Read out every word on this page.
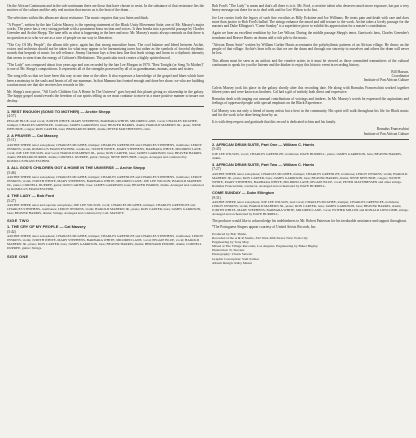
On the African Continuum and in the sub-continuum there are those that have chosen to resist. In the substance of that resistance lies the motives of the culture and the only real motion that moves us is the beat of the drum . . .

The selections within this album are about resistance. The music requires that you listen and think.

"A Prayer", written by the late Calvin Massey, is the opening statement of the Black Unity Movement Suite, one of Mr. Massey's major works. The piece has a very strong prelude with a prominent brass section and voices. It then breaks into a powerful passage by Charles Greenlee and Archie Shepp. The tune tells us what is happening in the here and now. Mr. Massey's music always reminds us that there is no question as to who we are as a race of people on our way to liberation.

"The Cry Of My People", the album title piece, again has that strong masculine brass. The cool balance and blend between Archie, voices and orchestra should not be taken for what may appear to be harmonizing tones but rather as the symbols of forceful rhythmic sounds that bespeak of music for self reliance. Jimmy Garrison lays a firm bass line that leads strings and horns to a rhythmic intensity that seems to stem from the energy of Coltrane's Meditations. This particular track creates a highly spirited mood.

"The Lady" was composed about four years ago and was recorded by the late Lee Morgan in 1970. "Rest Tonight (or Song To Mother)" is one of Mr. Shepp's compositions. It represents all of the strengths possessed by all of us grandmamas, mamas, aunts and sisters.

The song tells us that we have been this way at one time or the other. It also expresses a knowledge of the gospel and blues which have been a mainstay in the souls and hearts of all our mammas. In that Mamma has fronted enough and done her share, we who are building a nation must see that she receives her rewards in life.

Mr. Shepp's next piece, "All God's Children Got A Home In The Universe" goes beyond this planet giving us citizenship in the galaxy. The happy gospel sound reveals the freedom of our spirits telling us we must continue to move in a more positive manner to insure our destiny.

1. REST ENOUGH (SONG TO MOTHER) — Archie Shepp
(4:57)

PEGGIE BLUE, lead vocal; JUDITH WHITE, MARY STEPHENS, BARBARA WHITE, MILDRED LANE, vocal; CHARLES MCGHEE, trumpet; CHARLES GREENLEE, trombone; JAMES GARRISON, bass; BEAVER HARRIS, drums; HAROLD MABERN JR., piano; NENE DEFUNDE, congas; RON CARTER, bass; BERNARD PURDIE, drums; PETER MATTHIESSEN, cello.

2. A PRAYER — Cal Massey
(5:11)

ARCHIE SHEPP, tenor saxophone; CHARLES MCGHEE, trumpet; CHARLES GREENLEE and CHARLES STEPHENS, trombone; LEROY JENKINS, violin; ROMULUS FRANCESCHINI, conductor; JUDITH WHITE, MARY STEPHENS, BARBARA WHITE, MILDRED LANE, vocal; JOE LEE WILSON, lead vocal; HAROLD MABERN JR., piano; RON CARTER, bass; JAMES GARRISON, bass; BEAVER HARRIS, drums; BERNARD PURDIE, drums; CORNELL DUPREE, guitar; Strings; NENE DEFUNDE, congas. Arranged and conducted by ROMULUS FRANCESCHINI.

3. ALL GOD'S CHILDREN GOT A HOME IN THE UNIVERSE — Archie Shepp
(5:46)

ARCHIE SHEPP, tenor saxophone; CHARLES MCGHEE, trumpet; CHARLES GREENLEE and CHARLES STEPHENS, trombone; LEROY JENKINS, violin; JUDITH WHITE, MARY STEPHENS, BARBARA WHITE, MILDRED LANE; JOE LEE WILSON; HAROLD MABERN JR., piano; CORNELL DUPREE, guitar; RON CARTER, bass; JAMES GARRISON, bass; BEAVER HARRIS, drums. Arranged and conducted by ROMULUS FRANCESCHINI.

4. THE LADY — Bob Ford
(5:27)

ARCHIE SHEPP, tenor and soprano saxophone; JOE LEE WILSON, vocal; CHARLES MCGHEE, trumpet; CHARLES GREENLEE and CHARLES STEPHENS, trombones; LEROY JENKINS, violin; HAROLD MABERN JR., piano; RON CARTER, bass; JAMES GARRISON, bass; BEAVER HARRIS, drums; Strings. Arranged and conducted by CAL MASSEY.

SIDE TWO
1. THE CRY OF MY PEOPLE — Cal Massey
(5:42)

ARCHIE SHEPP, tenor saxophone; CHARLES MCGHEE, trumpet; CHARLES GREENLEE and CHARLES STEPHENS, trombones; LEROY JENKINS, violin; JUDITH WHITE, MARY STEPHENS, BARBARA WHITE, MILDRED LANE, vocal; PEGGIE BLUE, vocal; HAROLD MABERN JR., piano; RON CARTER, bass; JAMES GARRISON, bass; BEAVER HARRIS, drums; BERNARD PURDIE, drums; CORNELL DUPREE, guitar; Strings.

SIDE ONE

Bob Ford's "The Lady" is mean and that's all there is to it. Mr. Ford, a creative talent who deserves much more exposure, has put a very heavy message out there for us to deal with and for Lee Wilson to do last.

Joe Lee carries forth the legacy of such fine vocalists as Billy Eckstine and Joe Williams. He treats pain and death with care and does more than justice to Bob Ford's ballad. The strings enhance the mood and add texture to the work. Archie takes a lovely passage for the masters and Duke Ellington's "Come Sunday" is a superlative piece to exhibit his appreciation for a master's contribution.

Again we hear an excellent rendition by Joe Lee Wilson. During the middle passage Shepp's tenor, Garrison's bass, Charles Greenlee's trombone and Beaver Harris on drums add a rich pile to the music.

"African Drum Suite" written by William Corbin Harris accentuates the polyrhythmic patterns of an African village. He draws on the people of that village. Archie's horn tells us that we are the drum and through our sincerity to ourselves and others the drum will never be lost.

This album must be seen as an artifact and the creative artists in it must be viewed as those committed transmitters of the cultural continuum to speak for you the listener and the thinker to enjoy this historic event in recording history.

Bill Hasson,
Coordinator
Institute of Pan African Culture

Calvin Massey took his place in the galaxy shortly after this recording date. He along with Romulus Franceschini worked together fifteen years and were known as brothers. Cal had a gift of melody both direct and expressive.

Romulus dealt with singing out unusual contributions of voicings and timbres. In Mr. Massey's words he expressed the aspirations and feelings of oppressed people with special emphasis on the Black Experience.

Cal Massey was not only a friend of many artists but a hero in the community. His spirit will walk throughout his life for Black music and for the work to be done being done by us.

It is with deep respect and gratitude that this record is dedicated to him and his family.

Romulus Franceschini
Institute of Pan African Culture
2. AFRICAN DRUM SUITE, Part One — William C. Harris
(5:45)

JOE LEE WILSON, vocal; CHARLES GREENLEE, trombone; DAVE BURRELL, piano; JAMES GARRISON, bass; BEAVER HARRIS, drums.

3. AFRICAN DRUM SUITE, Part Two — William C. Harris
(7:27)

ARCHIE SHEPP, tenor saxophone; CHARLES MCGHEE, trumpet; CHARLES GREENLEE, trombone; LEROY JENKINS, violin; HAROLD MABERN JR., piano; RON CARTER, bass; JAMES GARRISON, bass; BEAVER HARRIS, drums; NENE DEFUNDE, congas; JUDITH WHITE, MARY STEPHENS, BARBARA WHITE, MILDRED LANE, PEGGIE BLUE, vocal; PETER MATTHIESSEN and other strings. Romulus Franceschini, conductor. Arranged and orchestrated by DAVE BURRELL.

COME SUNDAY — Duke Ellington
(9:31)

ARCHIE SHEPP, tenor saxophone; JOE LEE WILSON, lead vocal; CHARLES MCGHEE, trumpet; CHARLES GREENLEE, trombone; LEROY JENKINS, violin; HAROLD MABERN JR., piano; RON CARTER, bass; JAMES GARRISON, bass; BEAVER HARRIS, drums; JUDITH WHITE, MARY STEPHENS, BARBARA WHITE, MILDRED LANE, vocal; ESTHER MILLER and RONALD LIPSCOMB, strings. Arranged and orchestrated by DAVE BURRELL.

The producer would like to acknowledge his indebtedness to Mr. Robert Patterson for his invaluable assistance and support throughout.

*The Portuguese Singers appear courtesy of United Artists Records, Inc.

Produced by Bob Thiele.
Recorded at the A & R Studio, 322 West 48th Street, New York City.
Engineering by Tony May.
Mixed at The Village Recorder, Los Angeles. Engineering by Baker Bigsby.
Illustration: N. Stevens
Photography: Chuck Stewart
Graphic Conception: Sam Saltzer
Album Design: Ruby Mazur
